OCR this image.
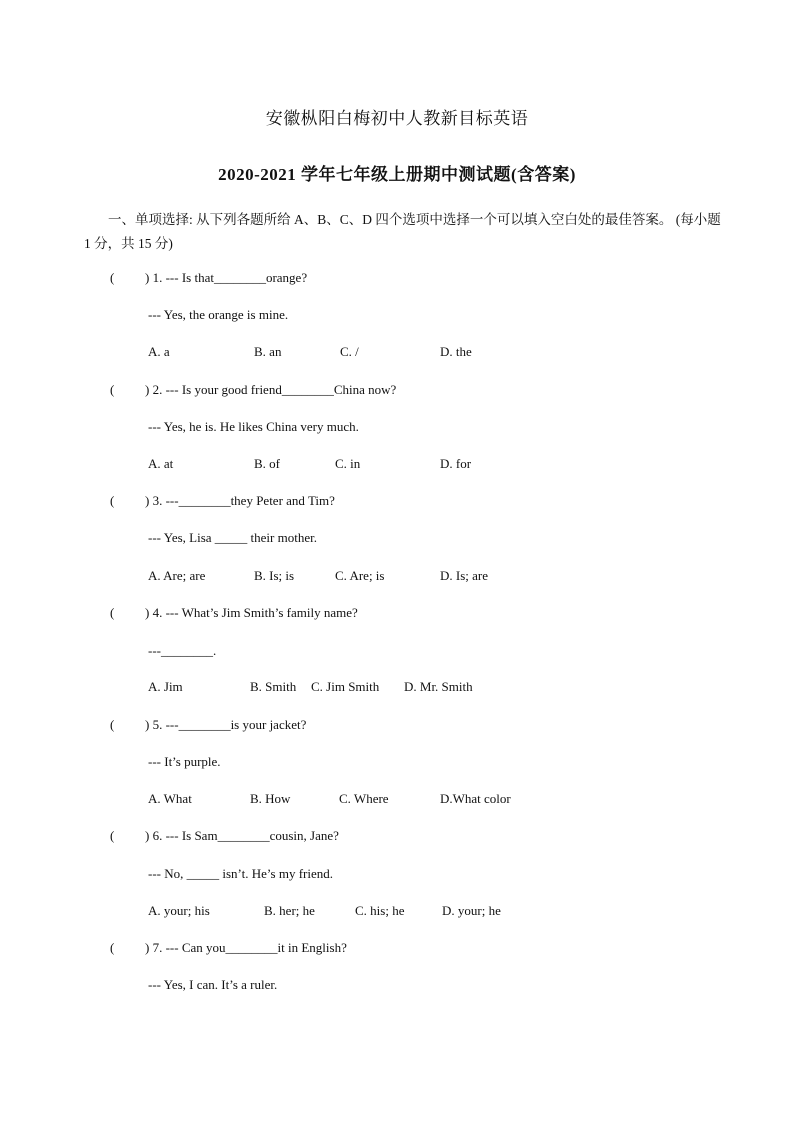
安徽枞阳白梅初中人教新目标英语
2020-2021 学年七年级上册期中测试题(含答案)
一、单项选择: 从下列各题所给 A、B、C、D 四个选项中选择一个可以填入空白处的最佳答案。 (每小题 1 分，共 15 分)
( ) 1. --- Is that________orange?
--- Yes, the orange is mine.
A. a	B. an	C. /	D. the
( ) 2. --- Is your good friend________China now?
--- Yes, he is. He likes China very much.
A. at	B. of	C. in	D. for
( ) 3. ---________they Peter and Tim?
--- Yes, Lisa _____ their mother.
A. Are; are	B. Is; is	C. Are; is	D. Is; are
( ) 4. --- What’s Jim Smith’s family name?
---________.
A. Jim	B. Smith C. Jim Smith D. Mr. Smith
( ) 5. ---________is your jacket?
--- It’s purple.
A. What	B. How	C. Where	D.What color
( ) 6. --- Is Sam________cousin, Jane?
--- No, _____ isn’t. He’s my friend.
A. your; his	B. her; he	C. his; he	D. your; he
( ) 7. --- Can you________it in English?
--- Yes, I can. It’s a ruler.
